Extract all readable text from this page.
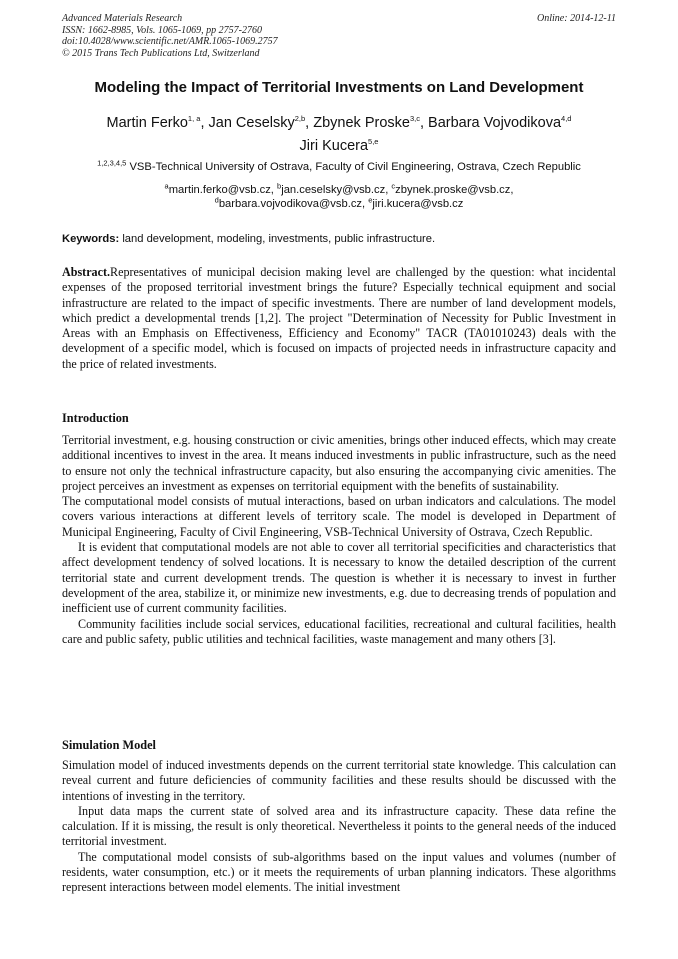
Advanced Materials Research
ISSN: 1662-8985, Vols. 1065-1069, pp 2757-2760
doi:10.4028/www.scientific.net/AMR.1065-1069.2757
© 2015 Trans Tech Publications Ltd, Switzerland
Online: 2014-12-11
Modeling the Impact of Territorial Investments on Land Development
Martin Ferko$^{1, a}$, Jan Ceselsky$^{2,b}$, Zbynek Proske$^{3,c}$, Barbara Vojvodikova$^{4,d}$
Jiri Kucera$^{5,e}$
$^{1,2,3,4,5}$ VSB-Technical University of Ostrava, Faculty of Civil Engineering, Ostrava, Czech Republic
$^a$martin.ferko@vsb.cz, $^b$jan.ceselsky@vsb.cz, $^c$zbynek.proske@vsb.cz,
$^d$barbara.vojvodikova@vsb.cz, $^e$jiri.kucera@vsb.cz
Keywords: land development, modeling, investments, public infrastructure.

Abstract.Representatives of municipal decision making level are challenged by the question: what incidental expenses of the proposed territorial investment brings the future? Especially technical equipment and social infrastructure are related to the impact of specific investments. There are number of land development models, which predict a developmental trends [1,2]. The project "Determination of Necessity for Public Investment in Areas with an Emphasis on Effectiveness, Efficiency and Economy" TACR (TA01010243) deals with the development of a specific model, which is focused on impacts of projected needs in infrastructure capacity and the price of related investments.

Introduction

Territorial investment, e.g. housing construction or civic amenities, brings other induced effects, which may create additional incentives to invest in the area. It means induced investments in public infrastructure, such as the need to ensure not only the technical infrastructure capacity, but also ensuring the accompanying civic amenities. The project perceives an investment as expenses on territorial equipment with the benefits of sustainability.

The computational model consists of mutual interactions, based on urban indicators and calculations. The model covers various interactions at different levels of territory scale. The model is developed in Department of Municipal Engineering, Faculty of Civil Engineering, VSB-Technical University of Ostrava, Czech Republic.

It is evident that computational models are not able to cover all territorial specificities and characteristics that affect development tendency of solved locations. It is necessary to know the detailed description of the current territorial state and current development trends. The question is whether it is necessary to invest in further development of the area, stabilize it, or minimize new investments, e.g. due to decreasing trends of population and inefficient use of current community facilities.

Community facilities include social services, educational facilities, recreational and cultural facilities, health care and public safety, public utilities and technical facilities, waste management and many others [3].

Simulation Model

Simulation model of induced investments depends on the current territorial state knowledge. This calculation can reveal current and future deficiencies of community facilities and these results should be discussed with the intentions of investing in the territory.

Input data maps the current state of solved area and its infrastructure capacity. These data refine the calculation. If it is missing, the result is only theoretical. Nevertheless it points to the general needs of the induced territorial investment.

The computational model consists of sub-algorithms based on the input values and volumes (number of residents, water consumption, etc.) or it meets the requirements of urban planning indicators. These algorithms represent interactions between model elements. The initial investment
